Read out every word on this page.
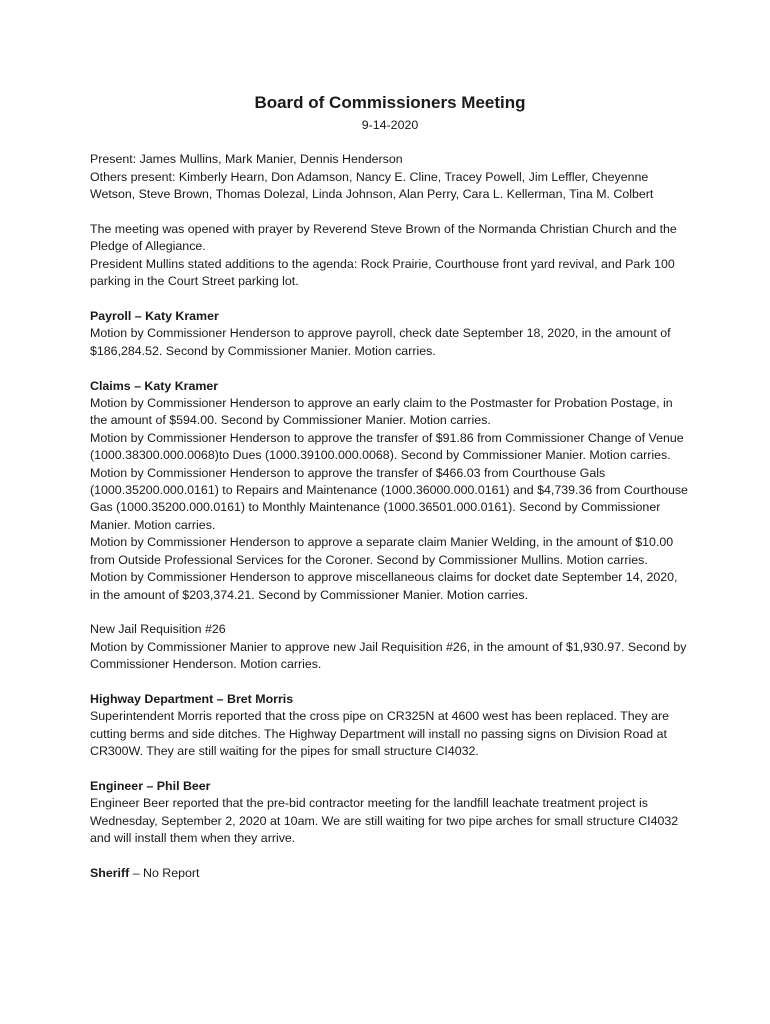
Board of Commissioners Meeting
9-14-2020

Present: James Mullins, Mark Manier, Dennis Henderson

Others present: Kimberly Hearn, Don Adamson, Nancy E. Cline, Tracey Powell, Jim Leffler, Cheyenne Wetson, Steve Brown, Thomas Dolezal, Linda Johnson, Alan Perry, Cara L. Kellerman, Tina M. Colbert

The meeting was opened with prayer by Reverend Steve Brown of the Normanda Christian Church and the Pledge of Allegiance.

President Mullins stated additions to the agenda: Rock Prairie, Courthouse front yard revival, and Park 100 parking in the Court Street parking lot.

Payroll – Katy Kramer

Motion by Commissioner Henderson to approve payroll, check date September 18, 2020, in the amount of $186,284.52. Second by Commissioner Manier. Motion carries.

Claims – Katy Kramer

Motion by Commissioner Henderson to approve an early claim to the Postmaster for Probation Postage, in the amount of $594.00. Second by Commissioner Manier. Motion carries.

Motion by Commissioner Henderson to approve the transfer of $91.86 from Commissioner Change of Venue (1000.38300.000.0068)to Dues (1000.39100.000.0068). Second by Commissioner Manier. Motion carries.

Motion by Commissioner Henderson to approve the transfer of $466.03 from Courthouse Gals (1000.35200.000.0161) to Repairs and Maintenance (1000.36000.000.0161) and $4,739.36 from Courthouse Gas (1000.35200.000.0161) to Monthly Maintenance (1000.36501.000.0161). Second by Commissioner Manier. Motion carries.

Motion by Commissioner Henderson to approve a separate claim Manier Welding, in the amount of $10.00 from Outside Professional Services for the Coroner. Second by Commissioner Mullins. Motion carries.

Motion by Commissioner Henderson to approve miscellaneous claims for docket date September 14, 2020, in the amount of $203,374.21. Second by Commissioner Manier. Motion carries.

New Jail Requisition #26

Motion by Commissioner Manier to approve new Jail Requisition #26, in the amount of $1,930.97. Second by Commissioner Henderson. Motion carries.

Highway Department – Bret Morris

Superintendent Morris reported that the cross pipe on CR325N at 4600 west has been replaced. They are cutting berms and side ditches. The Highway Department will install no passing signs on Division Road at CR300W. They are still waiting for the pipes for small structure CI4032.

Engineer – Phil Beer

Engineer Beer reported that the pre-bid contractor meeting for the landfill leachate treatment project is Wednesday, September 2, 2020 at 10am. We are still waiting for two pipe arches for small structure CI4032 and will install them when they arrive.

Sheriff – No Report
